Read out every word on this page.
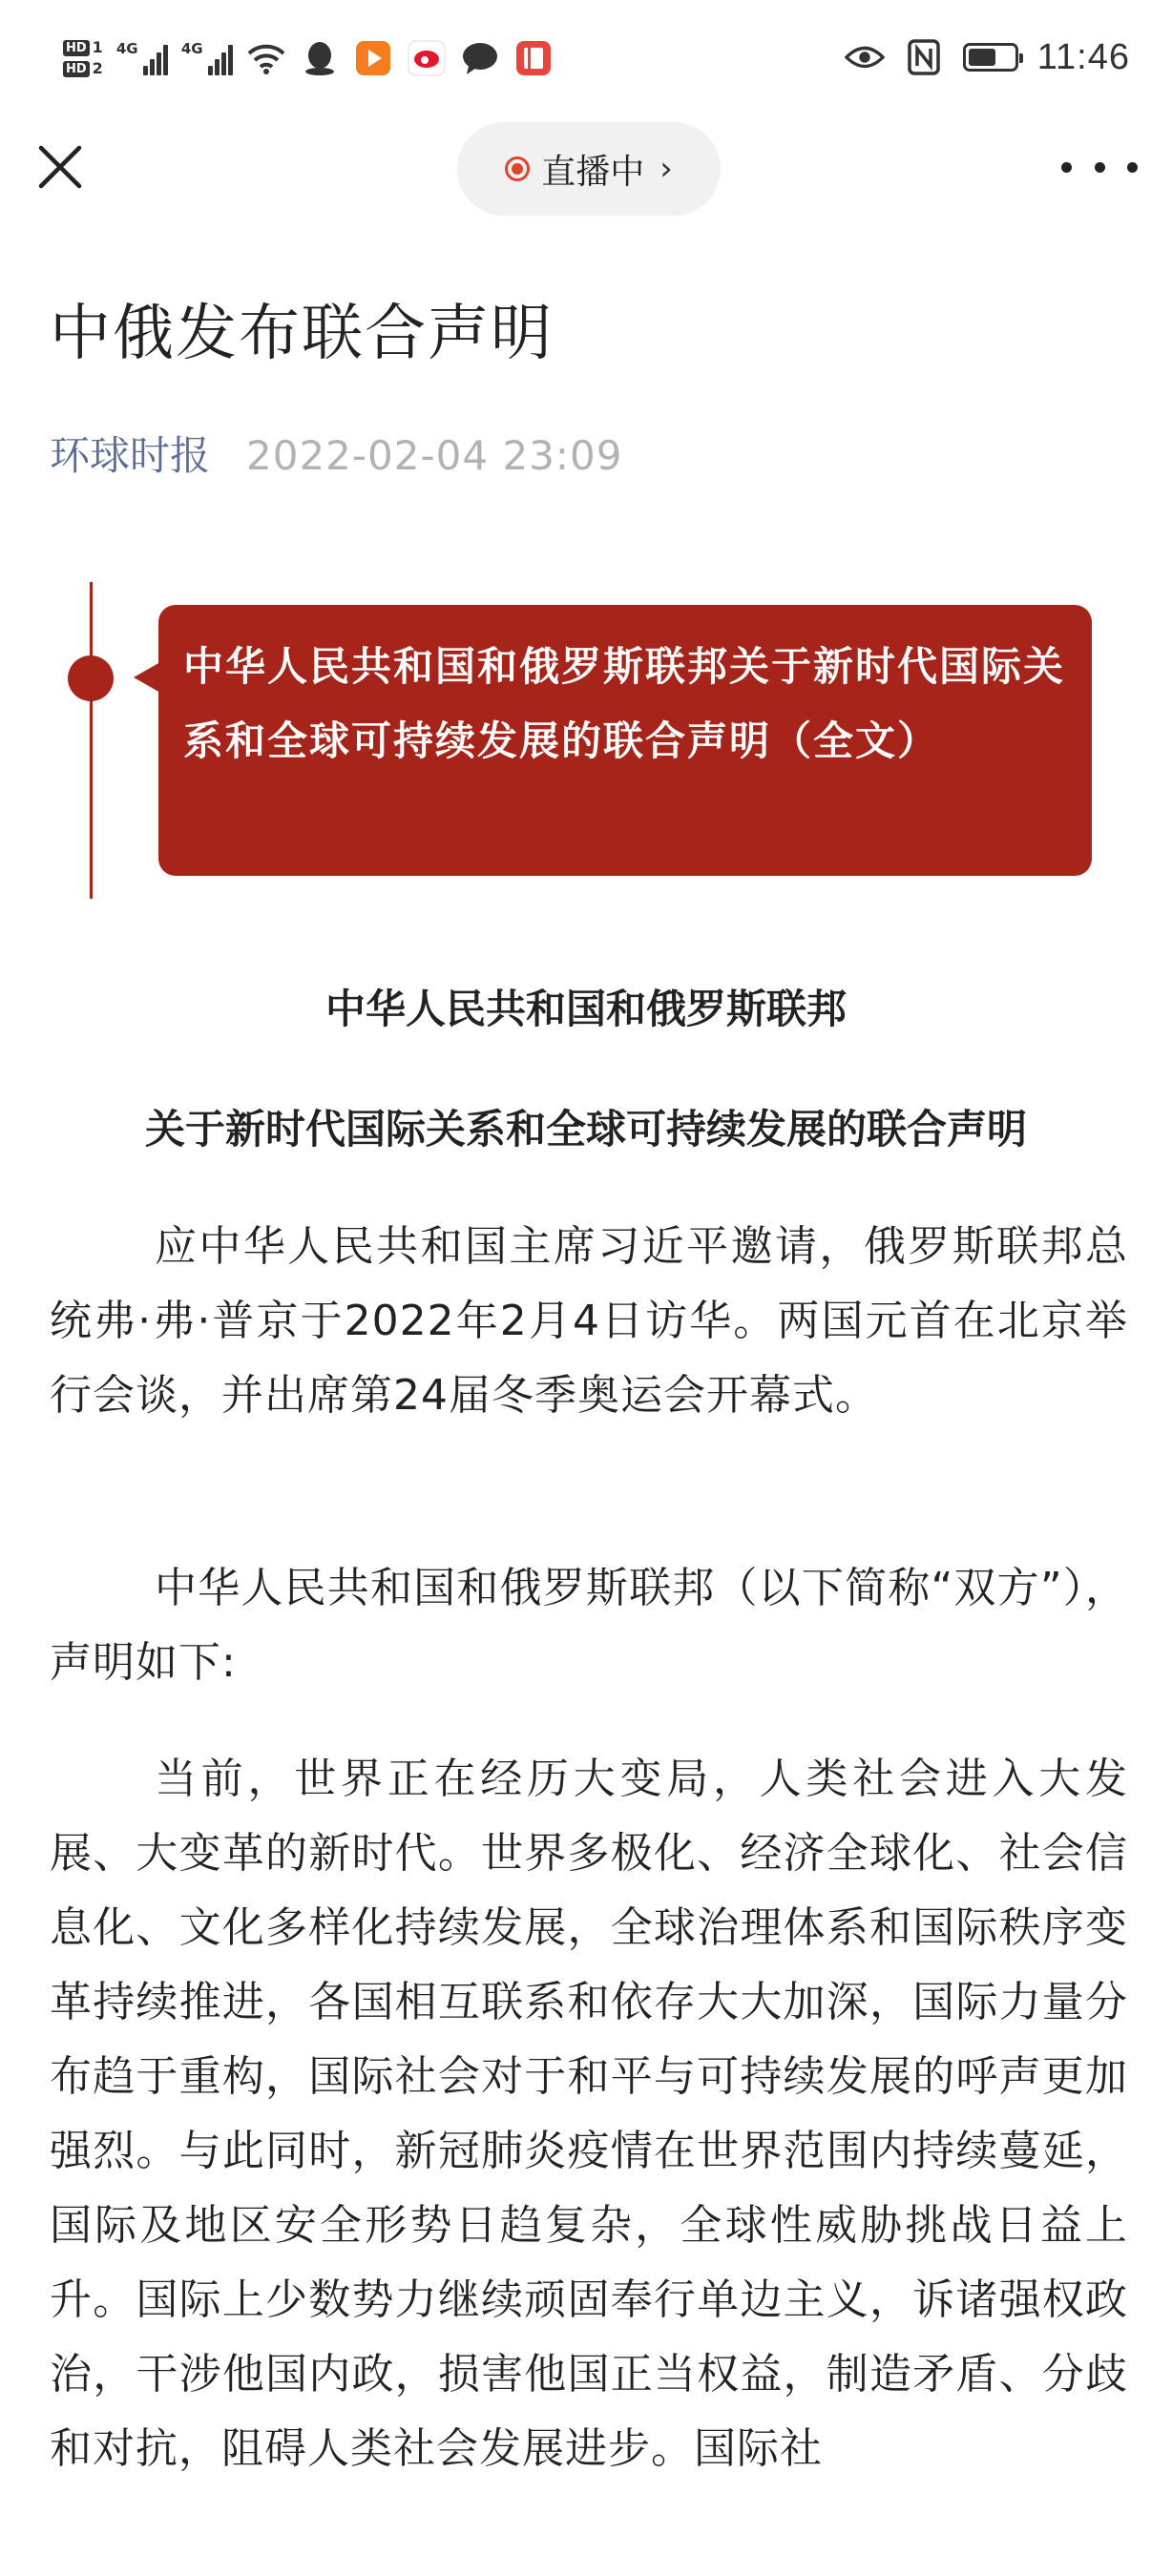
HD 1
HD 2
4G	4G	11:46
直播中 ›
中俄发布联合声明
环球时报 2022-02-04 23:09

中华人民共和国和俄罗斯联邦关于新时代国际关系和全球可持续发展的联合声明（全文）

中华人民共和国和俄罗斯联邦

关于新时代国际关系和全球可持续发展的联合声明

应中华人民共和国主席习近平邀请，俄罗斯联邦总统弗·弗·普京于2022年2月4日访华。两国元首在北京举行会谈，并出席第24届冬季奥运会开幕式。

中华人民共和国和俄罗斯联邦（以下简称“双方”），声明如下:

当前，世界正在经历大变局，人类社会进入大发展、大变革的新时代。世界多极化、经济全球化、社会信息化、文化多样化持续发展，全球治理体系和国际秩序变革持续推进，各国相互联系和依存大大加深，国际力量分布趋于重构，国际社会对于和平与可持续发展的呼声更加强烈。与此同时，新冠肺炎疫情在世界范围内持续蔓延，国际及地区安全形势日趋复杂，全球性威胁挑战日益上升。国际上少数势力继续顽固奉行单边主义，诉诸强权政治，干涉他国内政，损害他国正当权益，制造矛盾、分歧和对抗，阻碍人类社会发展进步。国际社
